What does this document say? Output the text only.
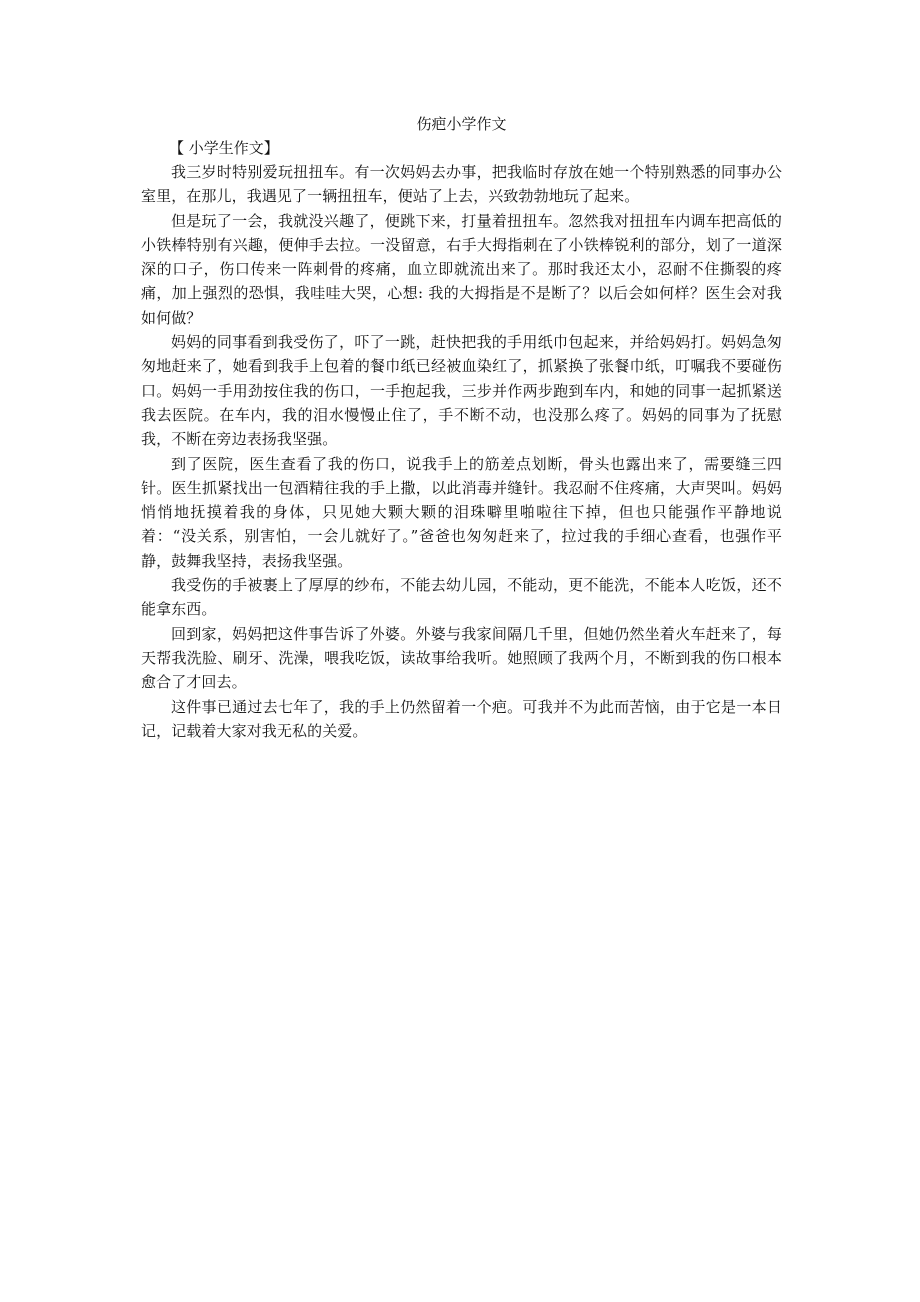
伤疤小学作文

【 小学生作文】

我三岁时特别爱玩扭扭车。有一次妈妈去办事，把我临时存放在她一个特别熟悉的同事办公室里，在那儿，我遇见了一辆扭扭车，便站了上去，兴致勃勃地玩了起来。

但是玩了一会，我就没兴趣了，便跳下来，打量着扭扭车。忽然我对扭扭车内调车把高低的小铁棒特别有兴趣，便伸手去拉。一没留意，右手大拇指刺在了小铁棒锐利的部分，划了一道深深的口子，伤口传来一阵刺骨的疼痛，血立即就流出来了。那时我还太小，忍耐不住撕裂的疼痛，加上强烈的恐惧，我哇哇大哭，心想: 我的大拇指是不是断了？以后会如何样？医生会对我如何做？

妈妈的同事看到我受伤了，吓了一跳，赶快把我的手用纸巾包起来，并给妈妈打。妈妈急匆匆地赶来了，她看到我手上包着的餐巾纸已经被血染红了，抓紧换了张餐巾纸，叮嘱我不要碰伤口。妈妈一手用劲按住我的伤口，一手抱起我，三步并作两步跑到车内，和她的同事一起抓紧送我去医院。在车内，我的泪水慢慢止住了，手不断不动，也没那么疼了。妈妈的同事为了抚慰我，不断在旁边表扬我坚强。

到了医院，医生查看了我的伤口，说我手上的筋差点划断，骨头也露出来了，需要缝三四针。医生抓紧找出一包酒精往我的手上撒，以此消毒并缝针。我忍耐不住疼痛，大声哭叫。妈妈悄悄地抚摸着我的身体，只见她大颗大颗的泪珠噼里啪啦往下掉，但也只能强作平静地说着：“没关系，别害怕，一会儿就好了。”爸爸也匆匆赶来了，拉过我的手细心查看，也强作平静，鼓舞我坚持，表扬我坚强。

我受伤的手被裹上了厚厚的纱布，不能去幼儿园，不能动，更不能洗，不能本人吃饭，还不能拿东西。

回到家，妈妈把这件事告诉了外婆。外婆与我家间隔几千里，但她仍然坐着火车赶来了，每天帮我洗脸、刷牙、洗澡，喂我吃饭，读故事给我听。她照顾了我两个月，不断到我的伤口根本愈合了才回去。

这件事已通过去七年了，我的手上仍然留着一个疤。可我并不为此而苦恼，由于它是一本日记，记载着大家对我无私的关爱。
